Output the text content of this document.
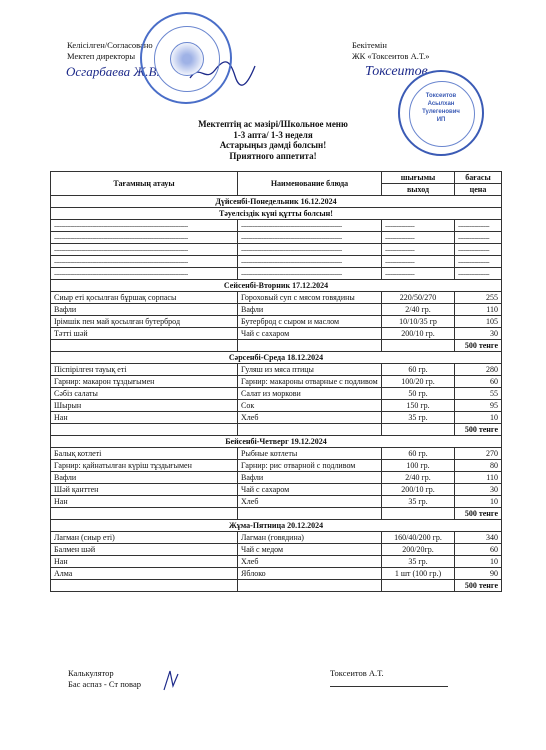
Келісілген/Согласовано
Мектеп директоры
Осгарбаева Ж.В.
Бекітемін
ЖК «Токсеитов А.Т.»
Токсеитов
Токсеитов
Асылхан
Тулегенович
ИП
Мектептің ас мәзірі/Школьное меню
1-3 апта/ 1-3 неделя
Астарыңыз дәмді болсын!
Приятного аппетита!
Тағамның атауы	Наименование блюда	шығымы	бағасы
		выход	цена
Дүйсенбі-Понедельник 16.12.2024			
Тәуелсіздік күні құтты болсын!			
-------------------------------------------------------------------------	-------------------------------------------------------	----------------	-----------------
-------------------------------------------------------------------------	-------------------------------------------------------	----------------	-----------------
-------------------------------------------------------------------------	-------------------------------------------------------	----------------	-----------------
-------------------------------------------------------------------------	-------------------------------------------------------	----------------	-----------------
-------------------------------------------------------------------------	-------------------------------------------------------	----------------	-----------------
Сейсенбі-Вторник 17.12.2024			
Сиыр еті қосылған бұршақ сорпасы	Гороховый суп с мясом говядины	220/50/270	255
Вафли	Вафли	2/40 гр.	110
Ірімшік пен май қосылған бутерброд	Бутерброд с сыром и маслом	10/10/35 гр	105
Тәтті шәй	Чай с сахаром	200/10 гр.	30
			500 тенге
Сәрсенбі-Среда 18.12.2024			
Піспірілген тауық еті	Гуляш из мяса птицы	60 гр.	280
Гарнир: макарон тұздығымен	Гарнир: макароны отварные с подливом	100/20 гр.	60
Сәбіз салаты	Салат из моркови	50 гр.	55
Шырын	Сок	150 гр.	95
Нан	Хлеб	35 гр.	10
			500 тенге
Бейсенбі-Четверг 19.12.2024			
Балық котлеті	Рыбные котлеты	60 гр.	270
Гарнир: қайнатылған күріш тұздығымен	Гарнир: рис отварной с подливом	100 гр.	80
Вафли	Вафли	2/40 гр.	110
Шәй қанттен	Чай с сахаром	200/10 гр.	30
Нан	Хлеб	35 гр.	10
			500 тенге
Жұма-Пятница 20.12.2024			
Лагман (сиыр еті)	Лагман (говядина)	160/40/200 гр.	340
Балмен шәй	Чай с медом	200/20гр.	60
Нан	Хлеб	35 гр.	10
Алма	Яблоко	1 шт (100 гр.)	90
			500 тенге
Калькулятор
Бас аспаз - Ст повар
Токсеитов А.Т.
